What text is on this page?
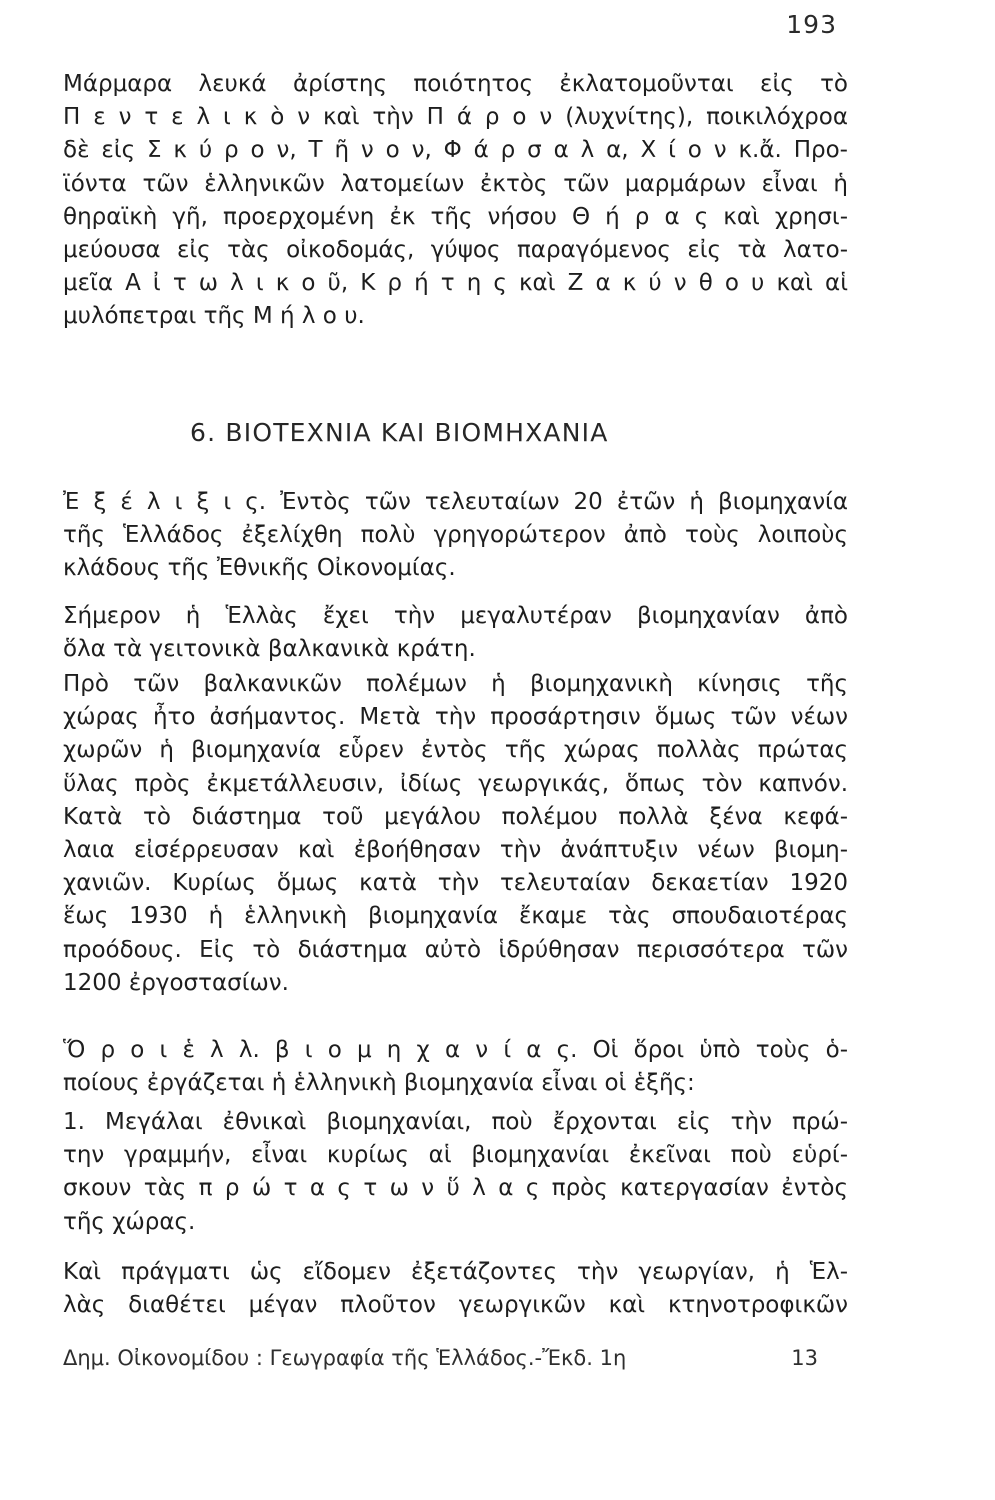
193
Μάρμαρα λευκά ἀρίστης ποιότητος ἐκλατομοῦνται εἰς τὸ
Π ε ν τ ε λ ι κ ὸ ν καὶ τὴν Π ά ρ ο ν (λυχνίτης), ποικιλόχροα
δὲ εἰς Σ κ ύ ρ ο ν, Τ ῆ ν ο ν, Φ ά ρ σ α λ α, Χ ί ο ν κ.ἄ. Προ-
ϊόντα τῶν ἑλληνικῶν λατομείων ἐκτὸς τῶν μαρμάρων εἶναι ἡ
θηραϊκὴ γῆ, προερχομένη ἐκ τῆς νήσου Θ ή ρ α ς καὶ χρησι-
μεύουσα εἰς τὰς οἰκοδομάς, γύψος παραγόμενος εἰς τὰ λατο-
μεῖα Α ἰ τ ω λ ι κ ο ῦ, Κ ρ ή τ η ς καὶ Ζ α κ ύ ν θ ο υ καὶ αἱ
μυλόπετραι τῆς Μ ή λ ο υ.
6. ΒΙΟΤΕΧΝΙΑ ΚΑΙ ΒΙΟΜΗΧΑΝΙΑ
Ἐ ξ έ λ ι ξ ι ς. Ἐντὸς τῶν τελευταίων 20 ἐτῶν ἡ βιομηχανία
τῆς Ἑλλάδος ἐξελίχθη πολὺ γρηγορώτερον ἀπὸ τοὺς λοιποὺς
κλάδους τῆς Ἐθνικῆς Οἰκονομίας.
Σήμερον ἡ Ἑλλὰς ἔχει τὴν μεγαλυτέραν βιομηχανίαν ἀπὸ
ὅλα τὰ γειτονικὰ βαλκανικὰ κράτη.
Πρὸ τῶν βαλκανικῶν πολέμων ἡ βιομηχανικὴ κίνησις τῆς
χώρας ἦτο ἀσήμαντος. Μετὰ τὴν προσάρτησιν ὅμως τῶν νέων
χωρῶν ἡ βιομηχανία εὗρεν ἐντὸς τῆς χώρας πολλὰς πρώτας
ὕλας πρὸς ἐκμετάλλευσιν, ἰδίως γεωργικάς, ὅπως τὸν καπνόν.
Κατὰ τὸ διάστημα τοῦ μεγάλου πολέμου πολλὰ ξένα κεφά-
λαια εἰσέρρευσαν καὶ ἐβοήθησαν τὴν ἀνάπτυξιν νέων βιομη-
χανιῶν. Κυρίως ὅμως κατὰ τὴν τελευταίαν δεκαετίαν 1920
ἕως 1930 ἡ ἑλληνικὴ βιομηχανία ἔκαμε τὰς σπουδαιοτέρας
προόδους. Εἰς τὸ διάστημα αὐτὸ ἱδρύθησαν περισσότερα τῶν
1200 ἐργοστασίων.
Ὅ ρ ο ι ἑ λ λ. β ι ο μ η χ α ν ί α ς. Οἱ ὅροι ὑπὸ τοὺς ὁ-
ποίους ἐργάζεται ἡ ἑλληνικὴ βιομηχανία εἶναι οἱ ἑξῆς:
1. Μεγάλαι ἐθνικαὶ βιομηχανίαι, ποὺ ἔρχονται εἰς τὴν πρώ-
την γραμμήν, εἶναι κυρίως αἱ βιομηχανίαι ἐκεῖναι ποὺ εὑρί-
σκουν τὰς π ρ ώ τ α ς τ ω ν ὕ λ α ς πρὸς κατεργασίαν ἐντὸς
τῆς χώρας.
Καὶ πράγματι ὡς εἴδομεν ἐξετάζοντες τὴν γεωργίαν, ἡ Ἑλ-
λὰς διαθέτει μέγαν πλοῦτον γεωργικῶν καὶ κτηνοτροφικῶν
Δημ. Οἰκονομίδου : Γεωγραφία τῆς Ἑλλάδος.-Ἔκδ. 1η	13
